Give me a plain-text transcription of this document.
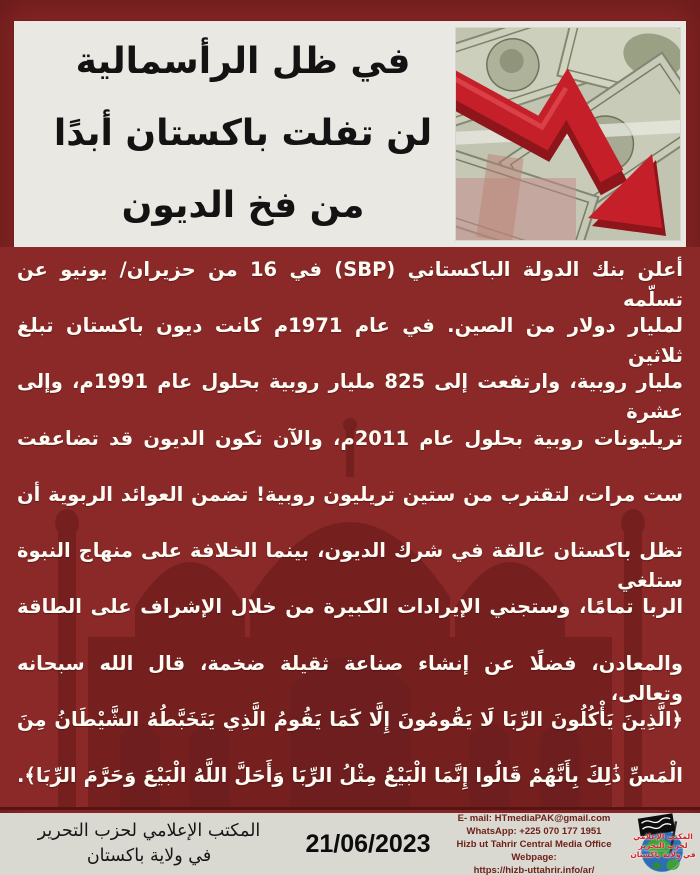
في ظل الرأسمالية
لن تفلت باكستان أبدًا
من فخ الديون
أعلن بنك الدولة الباكستاني (SBP) في 16 من حزيران/ يونيو عن تسلّمه
لمليار دولار من الصين. في عام 1971م كانت ديون باكستان تبلغ ثلاثين
مليار روبية، وارتفعت إلى 825 مليار روبية بحلول عام 1991م، وإلى عشرة
تريليونات روبية بحلول عام 2011م، والآن تكون الديون قد تضاعفت
ست مرات، لتقترب من ستين تريليون روبية! تضمن العوائد الربوية أن
تظل باكستان عالقة في شرك الديون، بينما الخلافة على منهاج النبوة ستلغي
الربا تمامًا، وستجني الإيرادات الكبيرة من خلال الإشراف على الطاقة
والمعادن، فضلًا عن إنشاء صناعة ثقيلة ضخمة، قال الله سبحانه وتعالى،
﴿الَّذِينَ يَأْكُلُونَ الرِّبَا لَا يَقُومُونَ إِلَّا كَمَا يَقُومُ الَّذِي يَتَخَبَّطُهُ الشَّيْطَانُ مِنَ
الْمَسِّ ذَٰلِكَ بِأَنَّهُمْ قَالُوا إِنَّمَا الْبَيْعُ مِثْلُ الرِّبَا وَأَحَلَّ اللَّهُ الْبَيْعَ وَحَرَّمَ الرِّبَا﴾.
المكتب الإعلامي لحزب التحرير
في ولاية باكستان	21/06/2023
E- mail: HTmediaPAK@gmail.com
WhatsApp: +225 070 177 1951
Hizb ut Tahrir Central Media Office Webpage:
https://hizb-uttahrir.info/ar/
المكتب الإعلامي
لحزب التحرير
في ولاية باكستان
